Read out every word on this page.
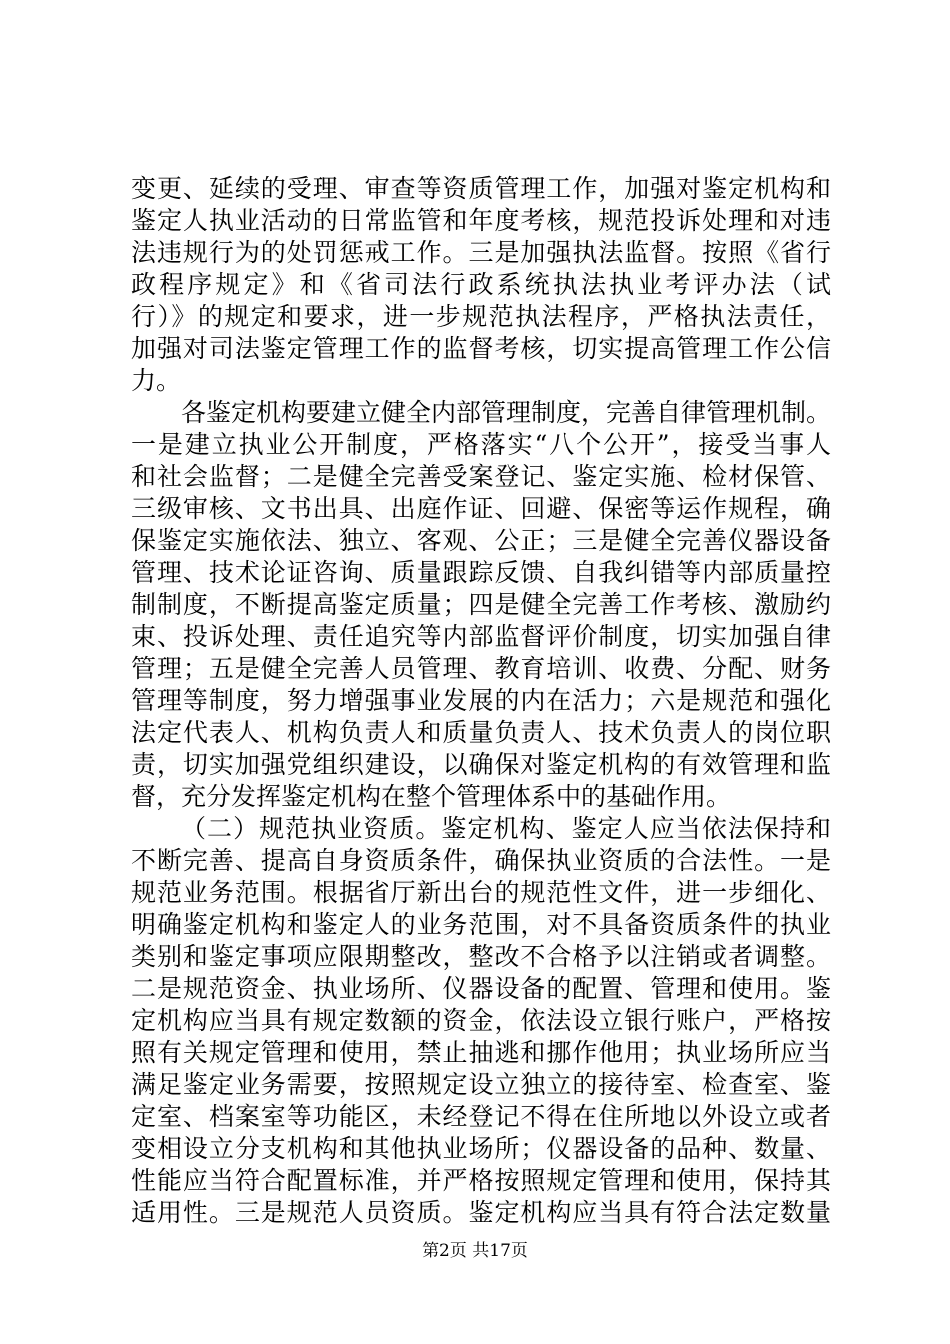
变更、延续的受理、审查等资质管理工作，加强对鉴定机构和
鉴定人执业活动的日常监管和年度考核，规范投诉处理和对违
法违规行为的处罚惩戒工作。三是加强执法监督。按照《省行
政程序规定》和《省司法行政系统执法执业考评办法（试
行）》的规定和要求，进一步规范执法程序，严格执法责任，
加强对司法鉴定管理工作的监督考核，切实提高管理工作公信
力。
各鉴定机构要建立健全内部管理制度，完善自律管理机制。
一是建立执业公开制度，严格落实“八个公开”，接受当事人
和社会监督；二是健全完善受案登记、鉴定实施、检材保管、
三级审核、文书出具、出庭作证、回避、保密等运作规程，确
保鉴定实施依法、独立、客观、公正；三是健全完善仪器设备
管理、技术论证咨询、质量跟踪反馈、自我纠错等内部质量控
制制度，不断提高鉴定质量；四是健全完善工作考核、激励约
束、投诉处理、责任追究等内部监督评价制度，切实加强自律
管理；五是健全完善人员管理、教育培训、收费、分配、财务
管理等制度，努力增强事业发展的内在活力；六是规范和强化
法定代表人、机构负责人和质量负责人、技术负责人的岗位职
责，切实加强党组织建设，以确保对鉴定机构的有效管理和监
督，充分发挥鉴定机构在整个管理体系中的基础作用。
（二）规范执业资质。鉴定机构、鉴定人应当依法保持和
不断完善、提高自身资质条件，确保执业资质的合法性。一是
规范业务范围。根据省厅新出台的规范性文件，进一步细化、
明确鉴定机构和鉴定人的业务范围，对不具备资质条件的执业
类别和鉴定事项应限期整改，整改不合格予以注销或者调整。
二是规范资金、执业场所、仪器设备的配置、管理和使用。鉴
定机构应当具有规定数额的资金，依法设立银行账户，严格按
照有关规定管理和使用，禁止抽逃和挪作他用；执业场所应当
满足鉴定业务需要，按照规定设立独立的接待室、检查室、鉴
定室、档案室等功能区，未经登记不得在住所地以外设立或者
变相设立分支机构和其他执业场所；仪器设备的品种、数量、
性能应当符合配置标准，并严格按照规定管理和使用，保持其
适用性。三是规范人员资质。鉴定机构应当具有符合法定数量
第2页 共17页
